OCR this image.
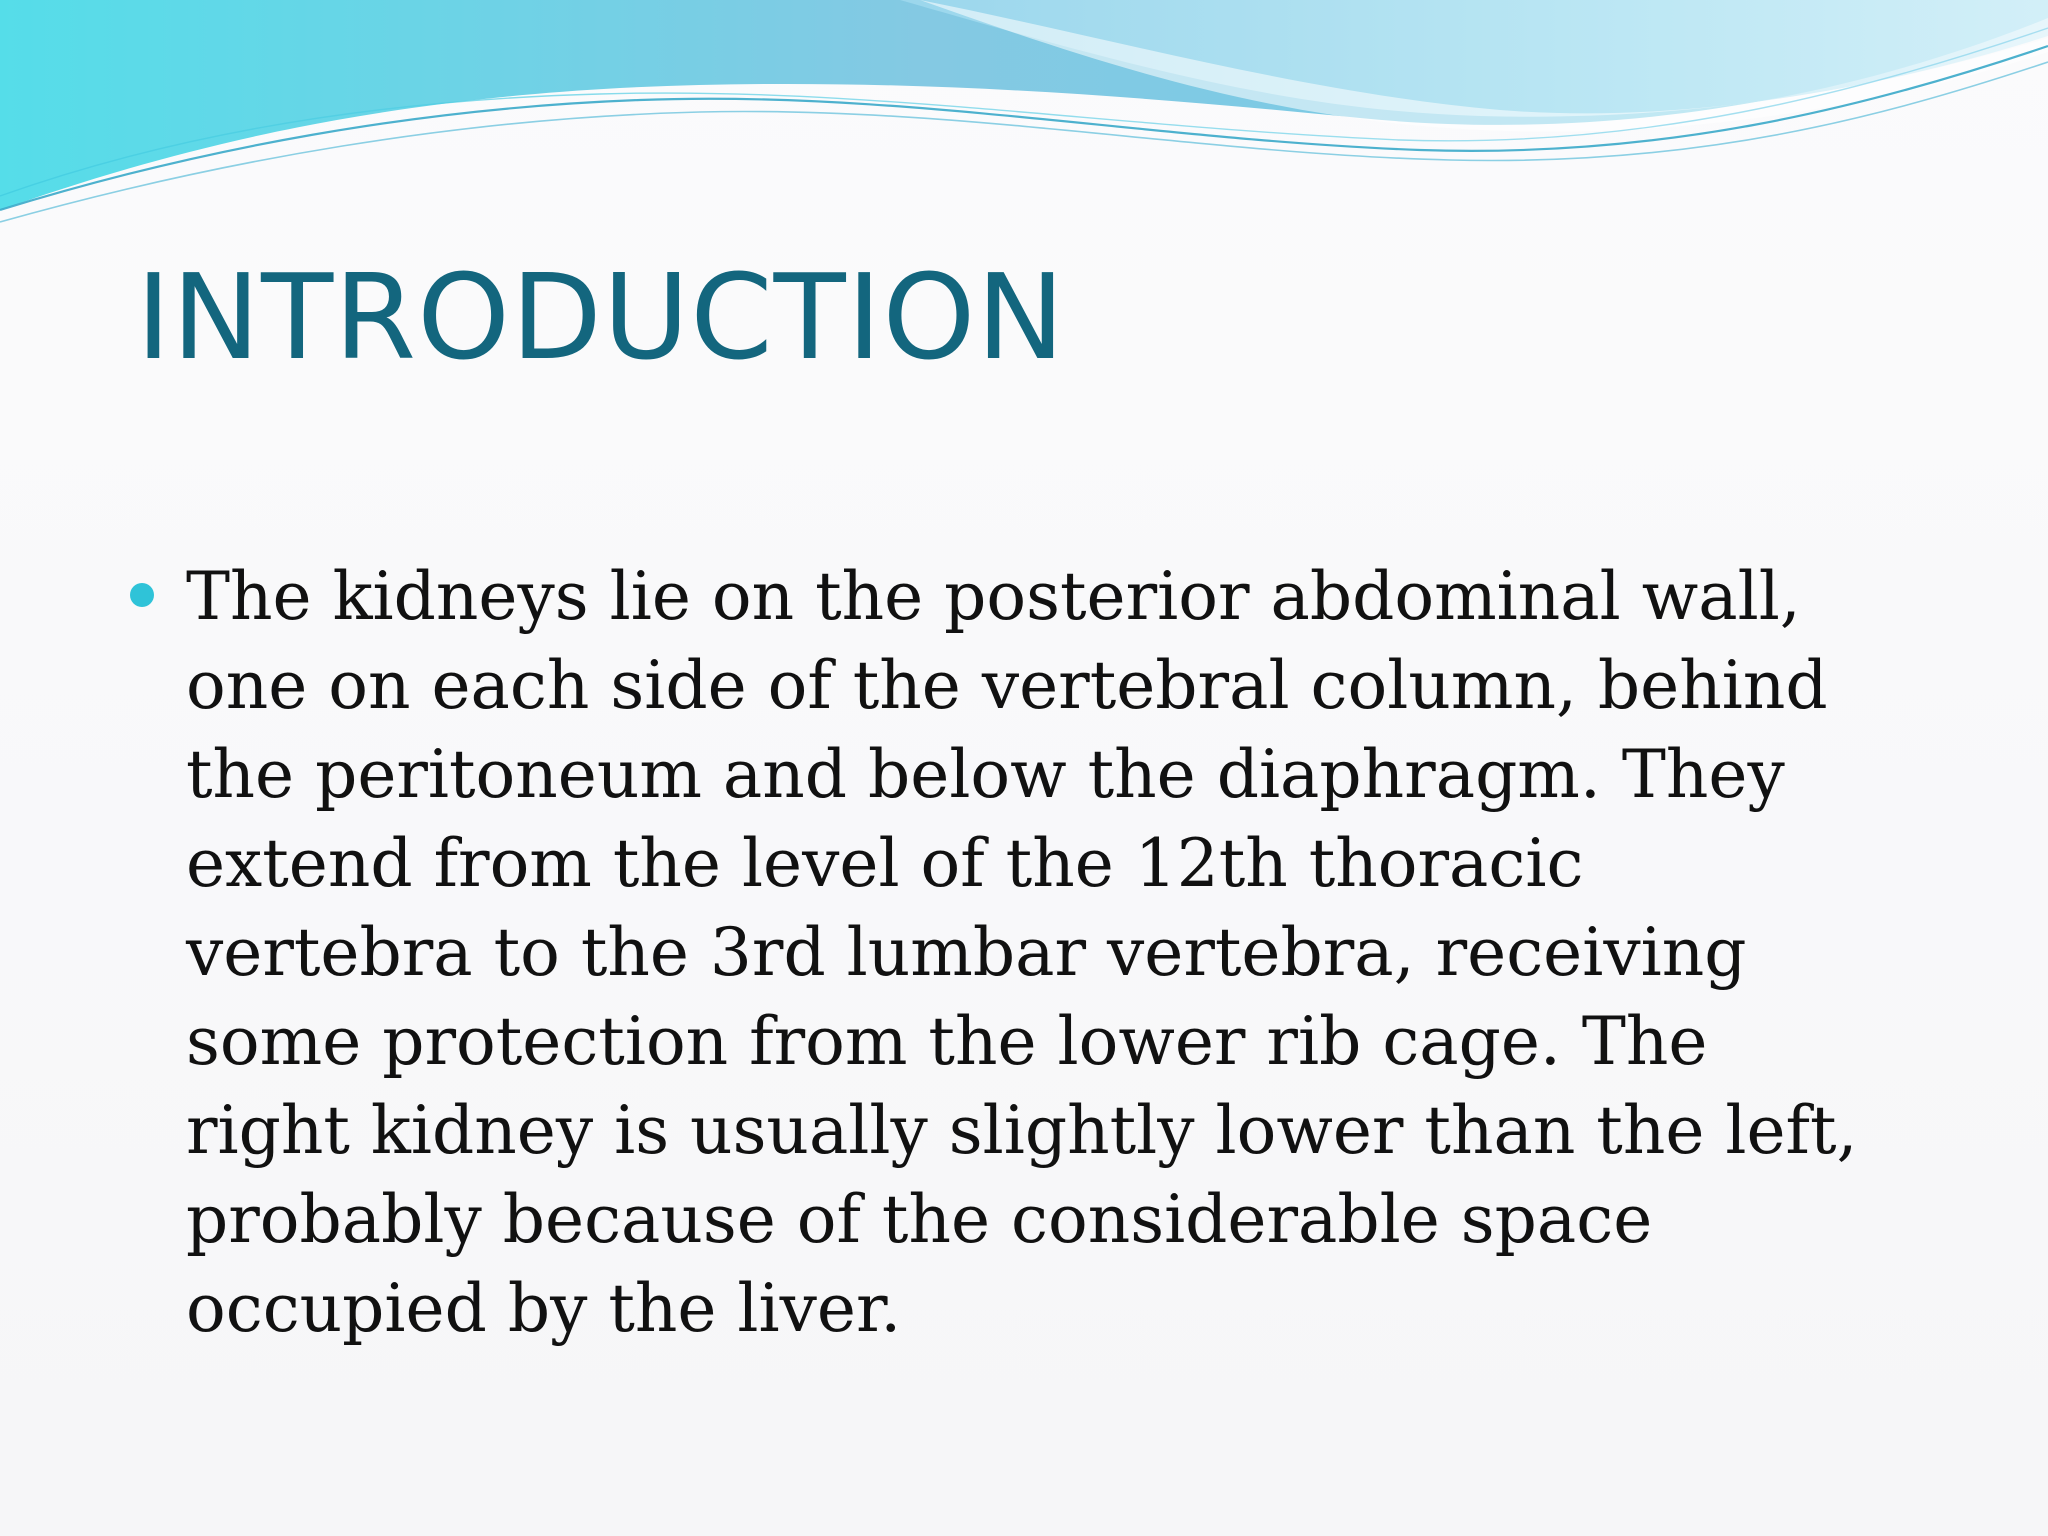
INTRODUCTION
The kidneys lie on the posterior abdominal wall, one on each side of the vertebral column, behind the peritoneum and below the diaphragm. They extend from the level of the 12th thoracic vertebra to the 3rd lumbar vertebra, receiving some protection from the lower rib cage. The right kidney is usually slightly lower than the left, probably because of the considerable space occupied by the liver.
